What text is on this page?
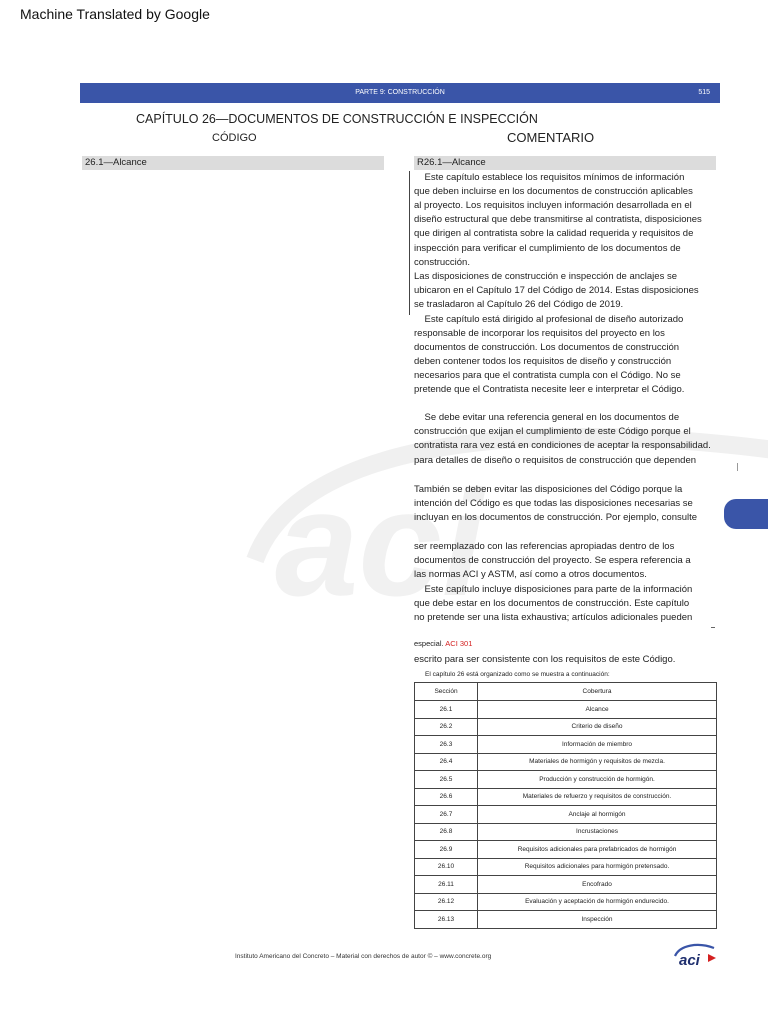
Machine Translated by Google
PARTE 9: CONSTRUCCIÓN	515
CAPÍTULO 26—DOCUMENTOS DE CONSTRUCCIÓN E INSPECCIÓN
CÓDIGO	COMENTARIO
26.1—Alcance	R26.1—Alcance
aci
Este capítulo establece los requisitos mínimos de información
que deben incluirse en los documentos de construcción aplicables
al proyecto. Los requisitos incluyen información desarrollada en el
diseño estructural que debe transmitirse al contratista, disposiciones
que dirigen al contratista sobre la calidad requerida y requisitos de
inspección para verificar el cumplimiento de los documentos de
construcción.
Las disposiciones de construcción e inspección de anclajes se
ubicaron en el Capítulo 17 del Código de 2014. Estas disposiciones
se trasladaron al Capítulo 26 del Código de 2019.
Este capítulo está dirigido al profesional de diseño autorizado
responsable de incorporar los requisitos del proyecto en los
documentos de construcción. Los documentos de construcción
deben contener todos los requisitos de diseño y construcción
necesarios para que el contratista cumpla con el Código. No se
pretende que el Contratista necesite leer e interpretar el Código.
Se debe evitar una referencia general en los documentos de
construcción que exijan el cumplimiento de este Código porque el
contratista rara vez está en condiciones de aceptar la responsabilidad.
para detalles de diseño o requisitos de construcción que dependen
También se deben evitar las disposiciones del Código porque la
intención del Código es que todas las disposiciones necesarias se
incluyan en los documentos de construcción. Por ejemplo, consulte
ser reemplazado con las referencias apropiadas dentro de los
documentos de construcción del proyecto. Se espera referencia a
las normas ACI y ASTM, así como a otros documentos.
Este capítulo incluye disposiciones para parte de la información
que debe estar en los documentos de construcción. Este capítulo
no pretende ser una lista exhaustiva; artículos adicionales pueden
especial. ACI 301
escrito para ser consistente con los requisitos de este Código.
El capítulo 26 está organizado como se muestra a continuación:
Sección	Cobertura
26.1	Alcance
26.2	Criterio de diseño
26.3	Información de miembro
26.4	Materiales de hormigón y requisitos de mezcla.
26.5	Producción y construcción de hormigón.
26.6	Materiales de refuerzo y requisitos de construcción.
26.7	Anclaje al hormigón
26.8	Incrustaciones
26.9	Requisitos adicionales para prefabricados de hormigón
26.10	Requisitos adicionales para hormigón pretensado.
26.11	Encofrado
26.12	Evaluación y aceptación de hormigón endurecido.
26.13	Inspección
Instituto Americano del Concreto – Material con derechos de autor © – www.concrete.org	aci
